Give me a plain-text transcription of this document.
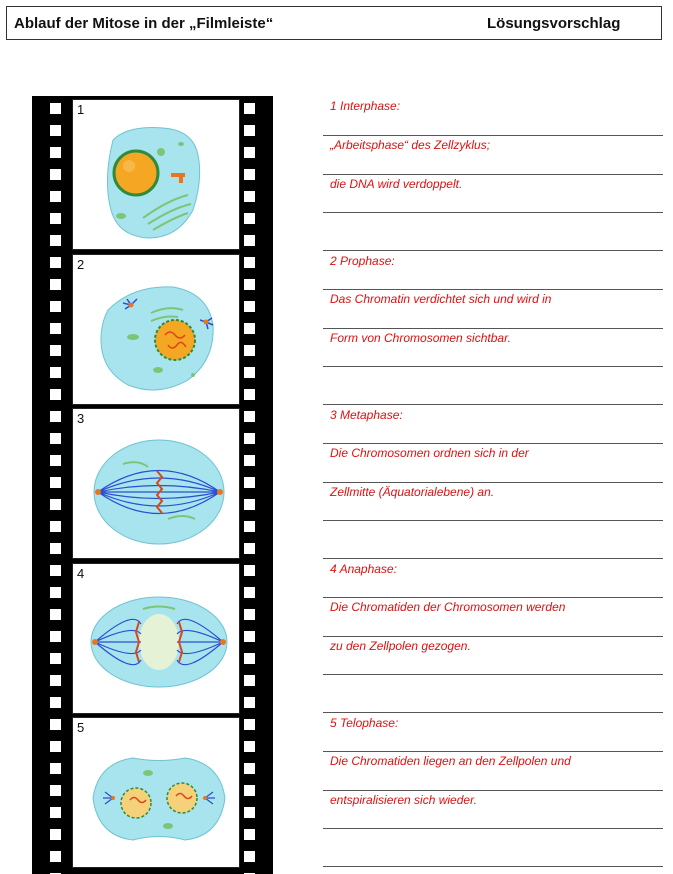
Ablauf der Mitose in der „Filmleiste“	Lösungsvorschlag
1
2
3
4
5
1 Interphase:
„Arbeitsphase“ des Zellzyklus;
die DNA wird verdoppelt.
2 Prophase:
Das Chromatin verdichtet sich und wird in
Form von Chromosomen sichtbar.
3 Metaphase:
Die Chromosomen ordnen sich in der
Zellmitte (Äquatorialebene) an.
4 Anaphase:
Die Chromatiden der Chromosomen werden
zu den Zellpolen gezogen.
5 Telophase:
Die Chromatiden liegen an den Zellpolen und
entspiralisieren sich wieder.
